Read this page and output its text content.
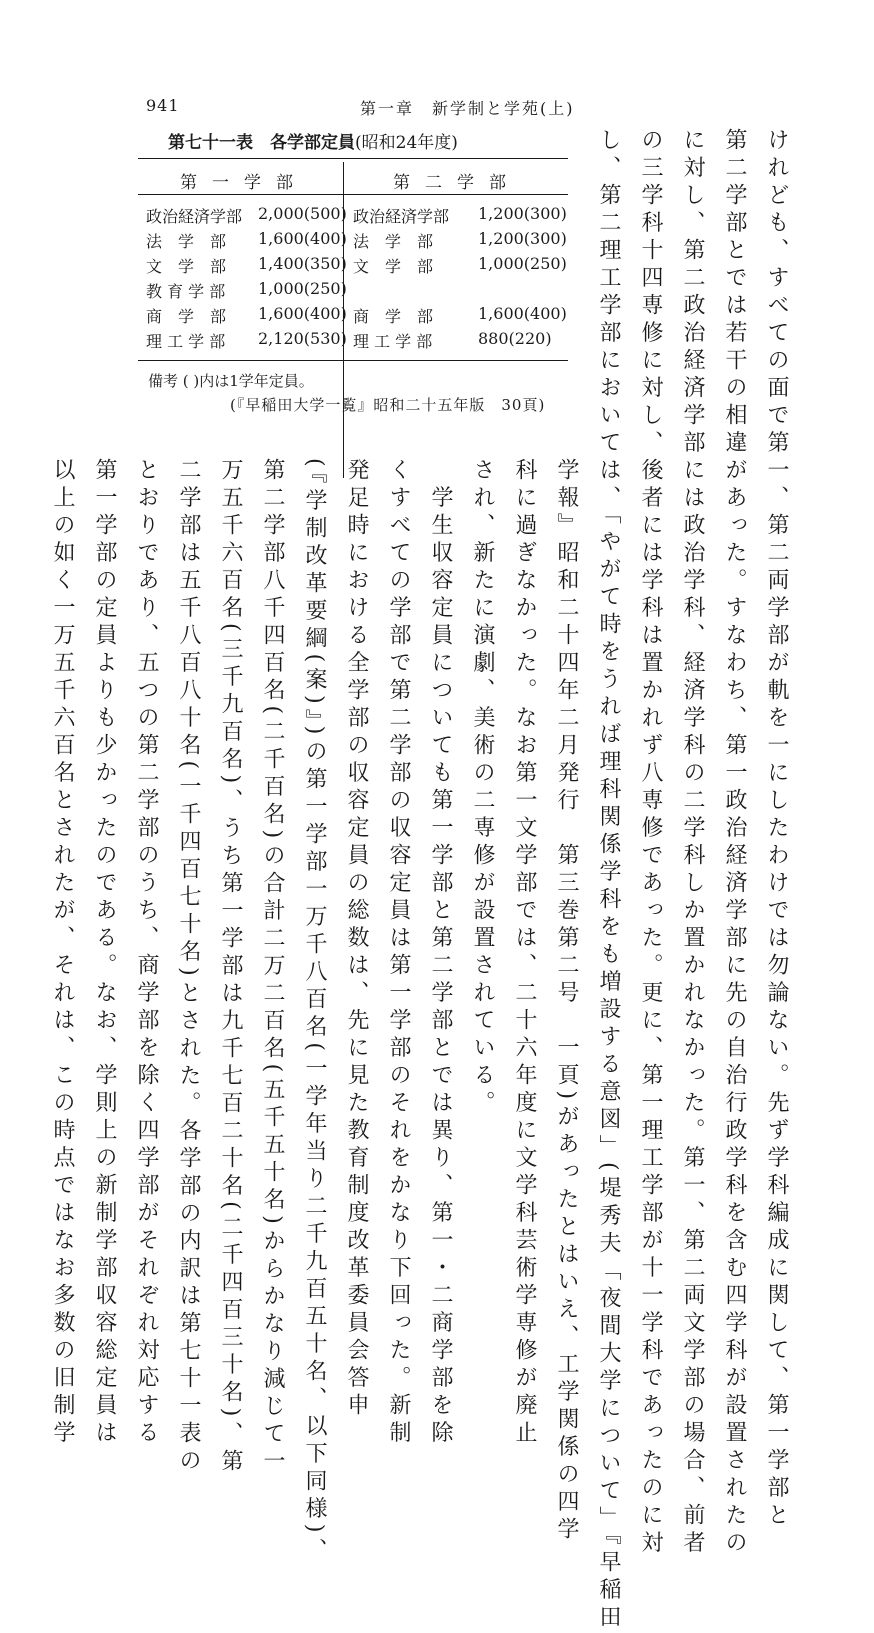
941	第一章　新学制と学苑(上)
第七十一表　各学部定員(昭和24年度)
第一学部	第二学部
政治経済学部 2,000(500) 政治経済学部 1,200(300)
法　学　部 1,600(400) 法　学　部	1,200(300)
文　学　部 1,400(350) 文　学　部	1,000(250)
教 育 学 部 1,000(250)
商　学　部 1,600(400) 商　学　部	1,600(400)
理 工 学 部 2,120(530) 理 工 学 部	880(220)
備考 ( )内は1学年定員。
(『早稲田大学一覧』昭和二十五年版　30頁)	けれども、すべての面で第一、第二両学部が軌を一にしたわけでは勿論ない。先ず学科編成に関して、第一学部と
第二学部とでは若干の相違があった。すなわち、第一政治経済学部に先の自治行政学科を含む四学科が設置されたの
に対し、第二政治経済学部には政治学科、経済学科の二学科しか置かれなかった。第一、第二両文学部の場合、前者
の三学科十四専修に対し、後者には学科は置かれず八専修であった。更に、第一理工学部が十一学科であったのに対
し、第二理工学部においては、「やがて時をうれば理科関係学科をも増設する意図」(堤秀夫「夜間大学について」『早稲田
学報』昭和二十四年二月発行　第三巻第二号　一頁)があったとはいえ、工学関係の四学
科に過ぎなかった。なお第一文学部では、二十六年度に文学科芸術学専修が廃止
され、新たに演劇、美術の二専修が設置されている。
　学生収容定員についても第一学部と第二学部とでは異り、第一・二商学部を除
くすべての学部で第二学部の収容定員は第一学部のそれをかなり下回った。新制
発足時における全学部の収容定員の総数は、先に見た教育制度改革委員会答申
(『学制改革要綱(案)』)の第一学部一万千八百名(一学年当り二千九百五十名、以下同様)、
第二学部八千四百名(二千百名)の合計二万二百名(五千五十名)からかなり減じて一
万五千六百名(三千九百名)、うち第一学部は九千七百二十名(二千四百三十名)、第
二学部は五千八百八十名(一千四百七十名)とされた。各学部の内訳は第七十一表の
とおりであり、五つの第二学部のうち、商学部を除く四学部がそれぞれ対応する
第一学部の定員よりも少かったのである。なお、学則上の新制学部収容総定員は
以上の如く一万五千六百名とされたが、それは、この時点ではなお多数の旧制学
